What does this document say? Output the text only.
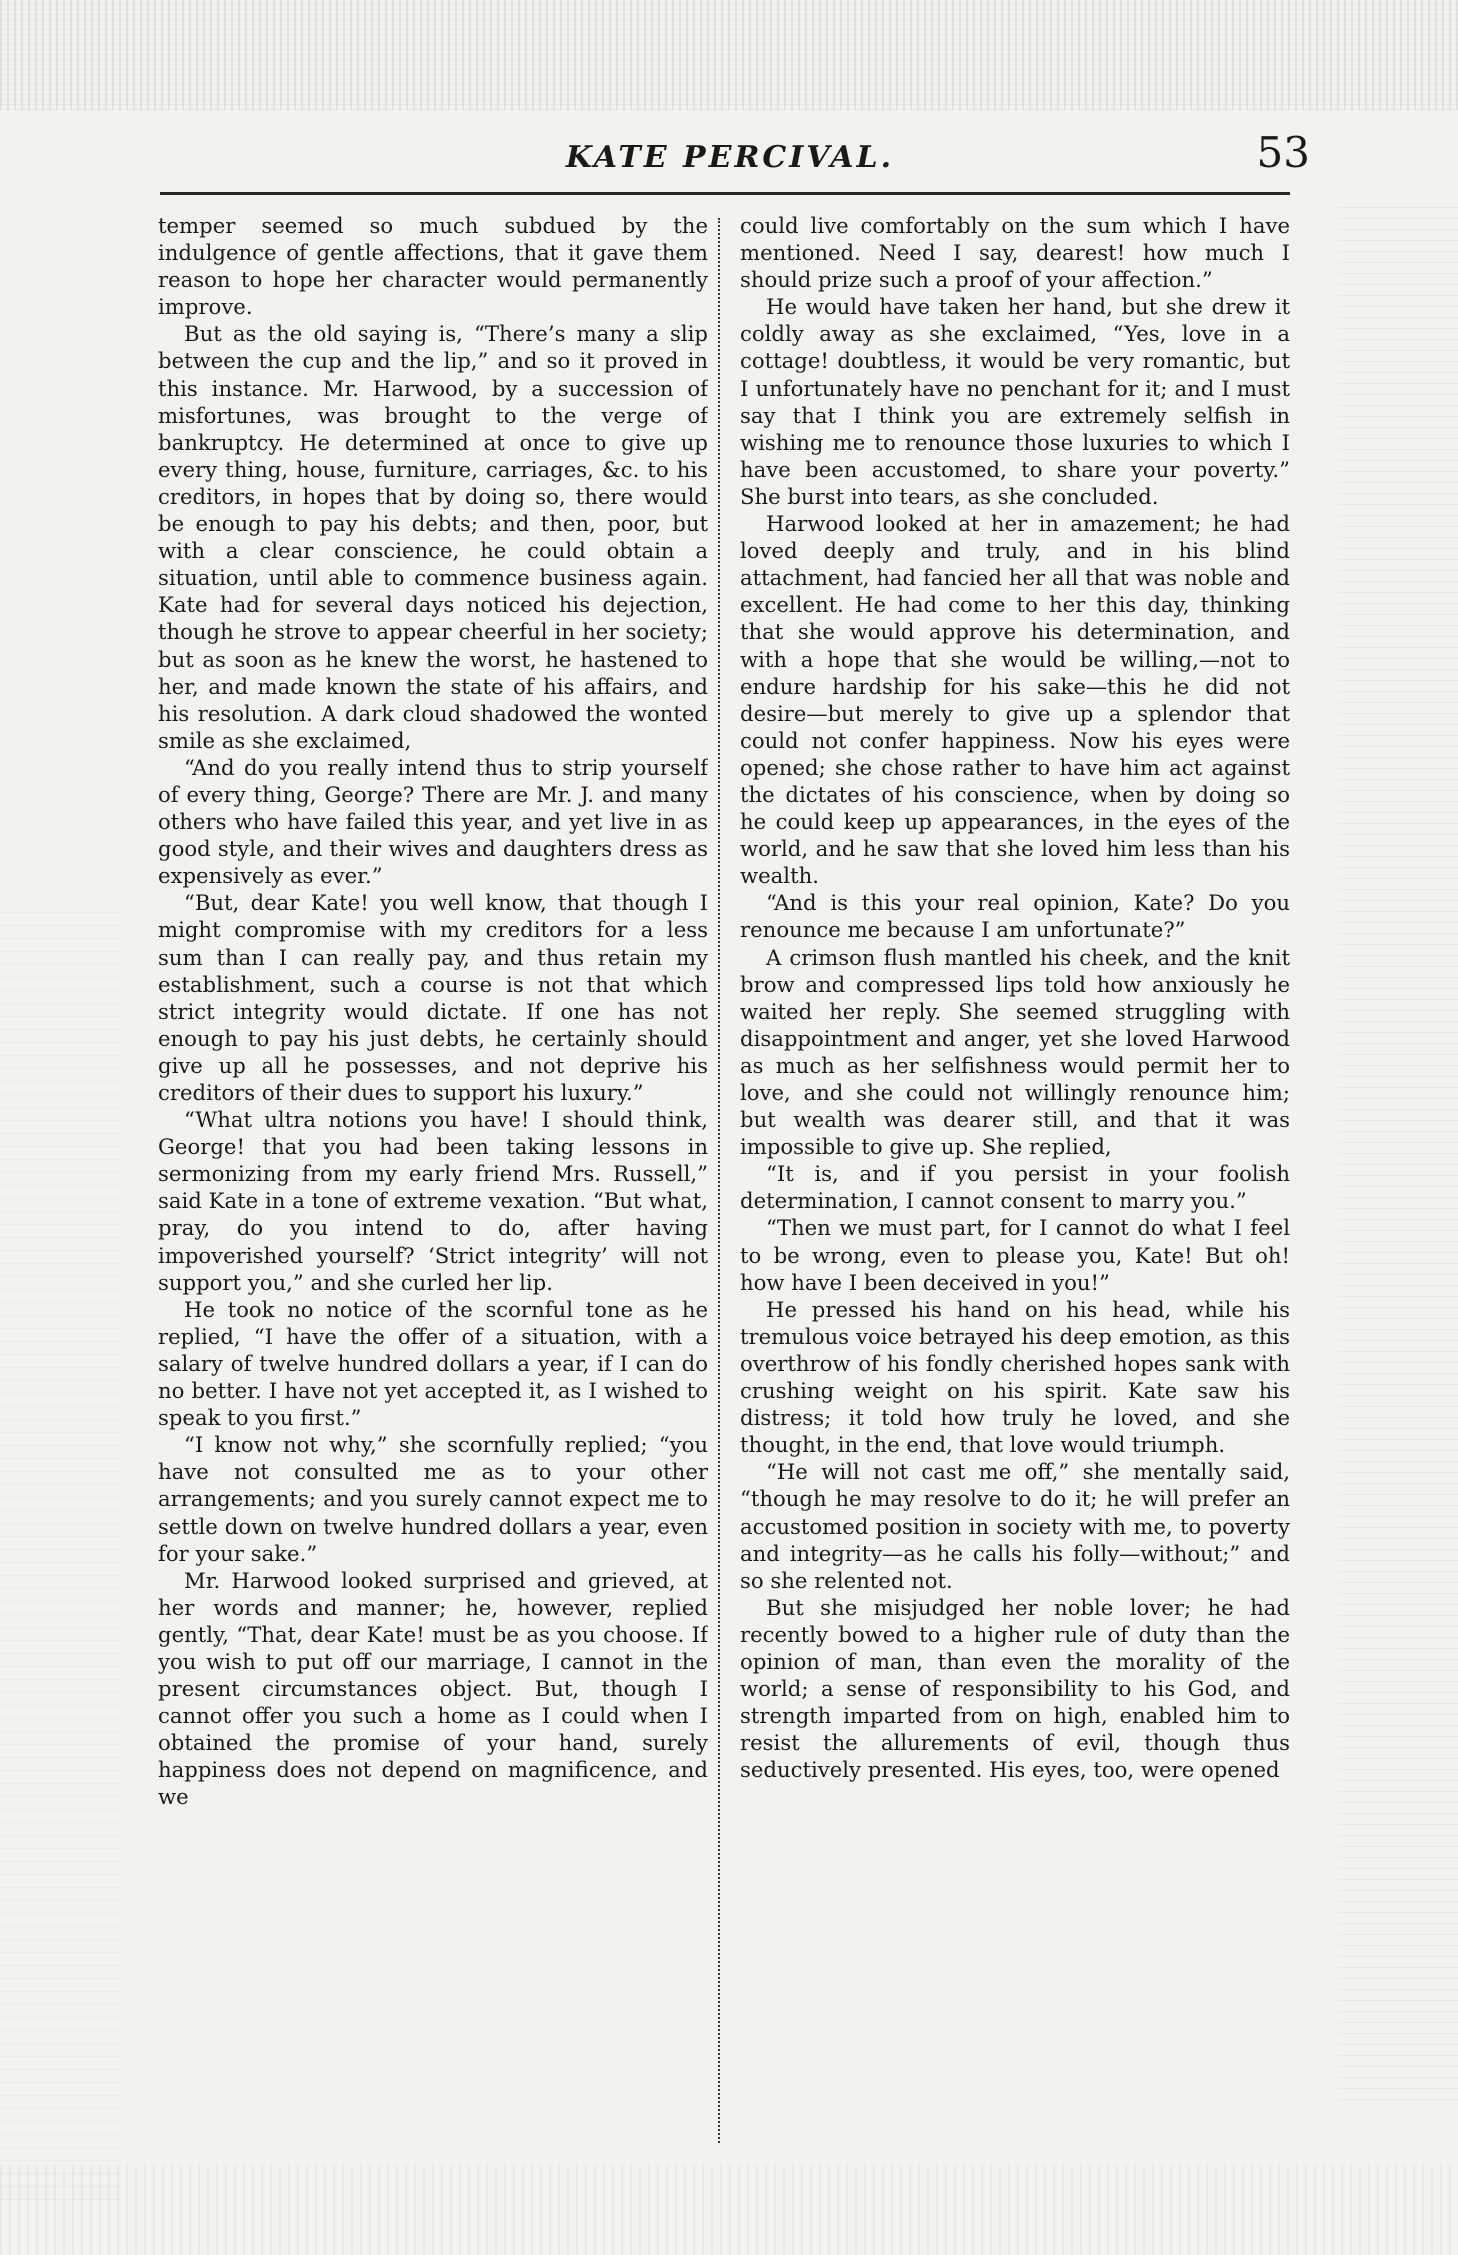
KATE PERCIVAL.	53

temper seemed so much subdued by the indulgence of gentle affections, that it gave them reason to hope her character would permanently improve.

But as the old saying is, “There’s many a slip between the cup and the lip,” and so it proved in this instance. Mr. Harwood, by a succession of misfortunes, was brought to the verge of bankruptcy. He determined at once to give up every thing, house, furniture, carriages, &c. to his creditors, in hopes that by doing so, there would be enough to pay his debts; and then, poor, but with a clear conscience, he could obtain a situation, until able to commence business again. Kate had for several days noticed his dejection, though he strove to appear cheerful in her society; but as soon as he knew the worst, he hastened to her, and made known the state of his affairs, and his resolution. A dark cloud shadowed the wonted smile as she exclaimed,

“And do you really intend thus to strip yourself of every thing, George? There are Mr. J. and many others who have failed this year, and yet live in as good style, and their wives and daughters dress as expensively as ever.”

“But, dear Kate! you well know, that though I might compromise with my creditors for a less sum than I can really pay, and thus retain my establishment, such a course is not that which strict integrity would dictate. If one has not enough to pay his just debts, he certainly should give up all he possesses, and not deprive his creditors of their dues to support his luxury.”

“What ultra notions you have! I should think, George! that you had been taking lessons in sermonizing from my early friend Mrs. Russell,” said Kate in a tone of extreme vexation. “But what, pray, do you intend to do, after having impoverished yourself? ‘Strict integrity’ will not support you,” and she curled her lip.

He took no notice of the scornful tone as he replied, “I have the offer of a situation, with a salary of twelve hundred dollars a year, if I can do no better. I have not yet accepted it, as I wished to speak to you first.”

“I know not why,” she scornfully replied; “you have not consulted me as to your other arrangements; and you surely cannot expect me to settle down on twelve hundred dollars a year, even for your sake.”

Mr. Harwood looked surprised and grieved, at her words and manner; he, however, replied gently, “That, dear Kate! must be as you choose. If you wish to put off our marriage, I cannot in the present circumstances object. But, though I cannot offer you such a home as I could when I obtained the promise of your hand, surely happiness does not depend on magnificence, and we

could live comfortably on the sum which I have mentioned. Need I say, dearest! how much I should prize such a proof of your affection.”

He would have taken her hand, but she drew it coldly away as she exclaimed, “Yes, love in a cottage! doubtless, it would be very romantic, but I unfortunately have no penchant for it; and I must say that I think you are extremely selfish in wishing me to renounce those luxuries to which I have been accustomed, to share your poverty.” She burst into tears, as she concluded.

Harwood looked at her in amazement; he had loved deeply and truly, and in his blind attachment, had fancied her all that was noble and excellent. He had come to her this day, thinking that she would approve his determination, and with a hope that she would be willing,—not to endure hardship for his sake—this he did not desire—but merely to give up a splendor that could not confer happiness. Now his eyes were opened; she chose rather to have him act against the dictates of his conscience, when by doing so he could keep up appearances, in the eyes of the world, and he saw that she loved him less than his wealth.

“And is this your real opinion, Kate? Do you renounce me because I am unfortunate?”

A crimson flush mantled his cheek, and the knit brow and compressed lips told how anxiously he waited her reply. She seemed struggling with disappointment and anger, yet she loved Harwood as much as her selfishness would permit her to love, and she could not willingly renounce him; but wealth was dearer still, and that it was impossible to give up. She replied,

“It is, and if you persist in your foolish determination, I cannot consent to marry you.”

“Then we must part, for I cannot do what I feel to be wrong, even to please you, Kate! But oh! how have I been deceived in you!”

He pressed his hand on his head, while his tremulous voice betrayed his deep emotion, as this overthrow of his fondly cherished hopes sank with crushing weight on his spirit. Kate saw his distress; it told how truly he loved, and she thought, in the end, that love would triumph.

“He will not cast me off,” she mentally said, “though he may resolve to do it; he will prefer an accustomed position in society with me, to poverty and integrity—as he calls his folly—without;” and so she relented not.

But she misjudged her noble lover; he had recently bowed to a higher rule of duty than the opinion of man, than even the morality of the world; a sense of responsibility to his God, and strength imparted from on high, enabled him to resist the allurements of evil, though thus seductively presented. His eyes, too, were opened
